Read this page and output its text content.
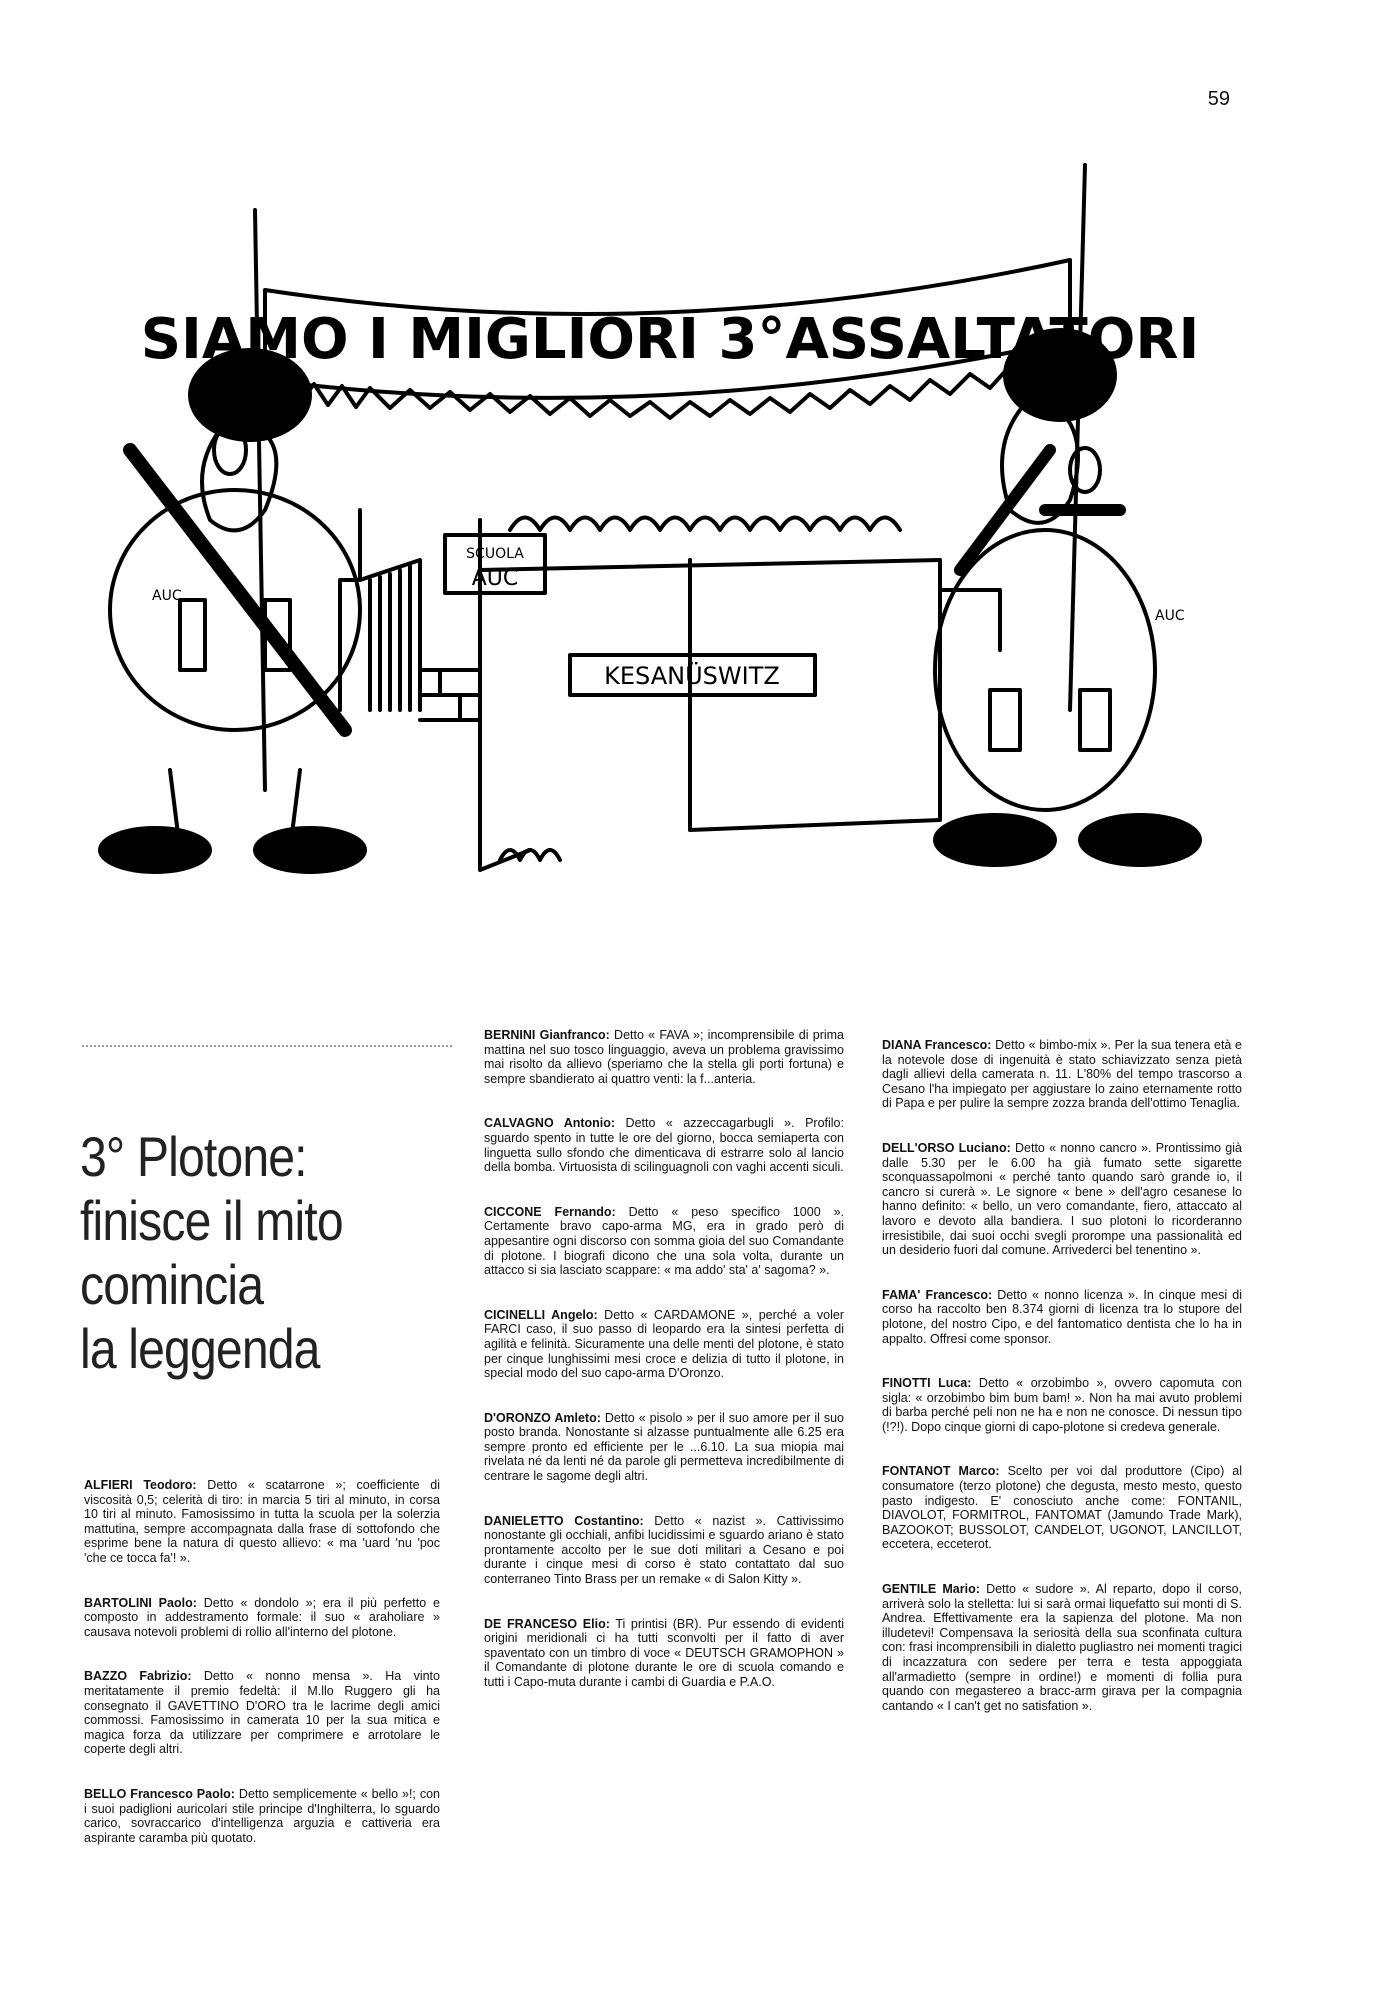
59
SIAMO I MIGLIORI 3°ASSALTATORI
SCUOLA
AUC
KESANÜSWITZ
AUC
AUC
3° Plotone:
finisce il mito
comincia
la leggenda

ALFIERI Teodoro: Detto « scatarrone »; coefficiente di viscosità 0,5; celerità di tiro: in marcia 5 tiri al minuto, in corsa 10 tiri al minuto. Famosissimo in tutta la scuola per la solerzia mattutina, sempre accompagnata dalla frase di sottofondo che esprime bene la natura di questo allievo: « ma 'uard 'nu 'poc 'che ce tocca fa'! ».

BARTOLINI Paolo: Detto « dondolo »; era il più perfetto e composto in addestramento formale: il suo « araholiare » causava notevoli problemi di rollio all'interno del plotone.

BAZZO Fabrizio: Detto « nonno mensa ». Ha vinto meritatamente il premio fedeltà: il M.llo Ruggero gli ha consegnato il GAVETTINO D'ORO tra le lacrime degli amici commossi. Famosissimo in camerata 10 per la sua mitica e magica forza da utilizzare per comprimere e arrotolare le coperte degli altri.

BELLO Francesco Paolo: Detto semplicemente « bello »!; con i suoi padiglioni auricolari stile principe d'Inghilterra, lo sguardo carico, sovraccarico d'intelligenza arguzia e cattiveria era aspirante caramba più quotato.

BERNINI Gianfranco: Detto « FAVA »; incomprensibile di prima mattina nel suo tosco linguaggio, aveva un problema gravissimo mai risolto da allievo (speriamo che la stella gli porti fortuna) e sempre sbandierato ai quattro venti: la f...anteria.

CALVAGNO Antonio: Detto « azzeccagarbugli ». Profilo: sguardo spento in tutte le ore del giorno, bocca semiaperta con linguetta sullo sfondo che dimenticava di estrarre solo al lancio della bomba. Virtuosista di scilinguagnoli con vaghi accenti siculi.

CICCONE Fernando: Detto « peso specifico 1000 ». Certamente bravo capo-arma MG, era in grado però di appesantire ogni discorso con somma gioia del suo Comandante di plotone. I biografi dicono che una sola volta, durante un attacco si sia lasciato scappare: « ma addo' sta' a' sagoma? ».

CICINELLI Angelo: Detto « CARDAMONE », perché a voler FARCI caso, il suo passo di leopardo era la sintesi perfetta di agilità e felinità. Sicuramente una delle menti del plotone, è stato per cinque lunghissimi mesi croce e delizia di tutto il plotone, in special modo del suo capo-arma D'Oronzo.

D'ORONZO Amleto: Detto « pisolo » per il suo amore per il suo posto branda. Nonostante si alzasse puntualmente alle 6.25 era sempre pronto ed efficiente per le ...6.10. La sua miopia mai rivelata né da lenti né da parole gli permetteva incredibilmente di centrare le sagome degli altri.

DANIELETTO Costantino: Detto « nazist ». Cattivissimo nonostante gli occhiali, anfibi lucidissimi e sguardo ariano è stato prontamente accolto per le sue doti militari a Cesano e poi durante i cinque mesi di corso è stato contattato dal suo conterraneo Tinto Brass per un remake « di Salon Kitty ».

DE FRANCESO Elio: Ti printisi (BR). Pur essendo di evidenti origini meridionali ci ha tutti sconvolti per il fatto di aver spaventato con un timbro di voce « DEUTSCH GRAMOPHON » il Comandante di plotone durante le ore di scuola comando e tutti i Capo-muta durante i cambi di Guardia e P.A.O.

DIANA Francesco: Detto « bimbo-mix ». Per la sua tenera età e la notevole dose di ingenuità è stato schiavizzato senza pietà dagli allievi della camerata n. 11. L'80% del tempo trascorso a Cesano l'ha impiegato per aggiustare lo zaino eternamente rotto di Papa e per pulire la sempre zozza branda dell'ottimo Tenaglia.

DELL'ORSO Luciano: Detto « nonno cancro ». Prontissimo già dalle 5.30 per le 6.00 ha già fumato sette sigarette sconquassapolmoni « perché tanto quando sarò grande io, il cancro si curerà ». Le signore « bene » dell'agro cesanese lo hanno definito: « bello, un vero comandante, fiero, attaccato al lavoro e devoto alla bandiera. I suo plotoni lo ricorderanno irresistibile, dai suoi occhi svegli prorompe una passionalità ed un desiderio fuori dal comune. Arrivederci bel tenentino ».

FAMA' Francesco: Detto « nonno licenza ». In cinque mesi di corso ha raccolto ben 8.374 giorni di licenza tra lo stupore del plotone, del nostro Cipo, e del fantomatico dentista che lo ha in appalto. Offresi come sponsor.

FINOTTI Luca: Detto « orzobimbo », ovvero capomuta con sigla: « orzobimbo bim bum bam! ». Non ha mai avuto problemi di barba perché peli non ne ha e non ne conosce. Di nessun tipo (!?!). Dopo cinque giorni di capo-plotone si credeva generale.

FONTANOT Marco: Scelto per voi dal produttore (Cipo) al consumatore (terzo plotone) che degusta, mesto mesto, questo pasto indigesto. E' conosciuto anche come: FONTANIL, DIAVOLOT, FORMITROL, FANTOMAT (Jamundo Trade Mark), BAZOOKOT; BUSSOLOT, CANDELOT, UGONOT, LANCILLOT, eccetera, ecceterot.

GENTILE Mario: Detto « sudore ». Al reparto, dopo il corso, arriverà solo la stelletta: lui si sarà ormai liquefatto sui monti di S. Andrea. Effettivamente era la sapienza del plotone. Ma non illudetevi! Compensava la seriosità della sua sconfinata cultura con: frasi incomprensibili in dialetto pugliastro nei momenti tragici di incazzatura con sedere per terra e testa appoggiata all'armadietto (sempre in ordine!) e momenti di follia pura quando con megastereo a bracc-arm girava per la compagnia cantando « I can't get no satisfation ».
